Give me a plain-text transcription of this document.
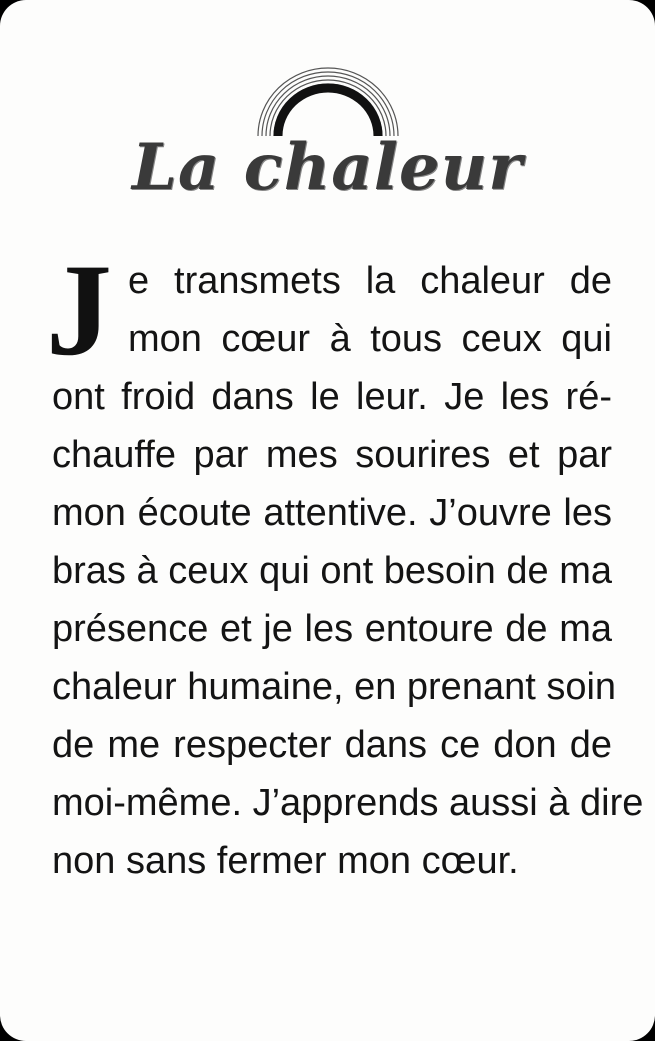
La chaleur
J e transmets la chaleur de
mon cœur à tous ceux qui
ont froid dans le leur. Je les ré-
chauffe par mes sourires et par
mon écoute attentive. J’ouvre les
bras à ceux qui ont besoin de ma
présence et je les entoure de ma
chaleur humaine, en prenant soin
de me respecter dans ce don de
moi-même. J’apprends aussi à dire
non sans fermer mon cœur.
